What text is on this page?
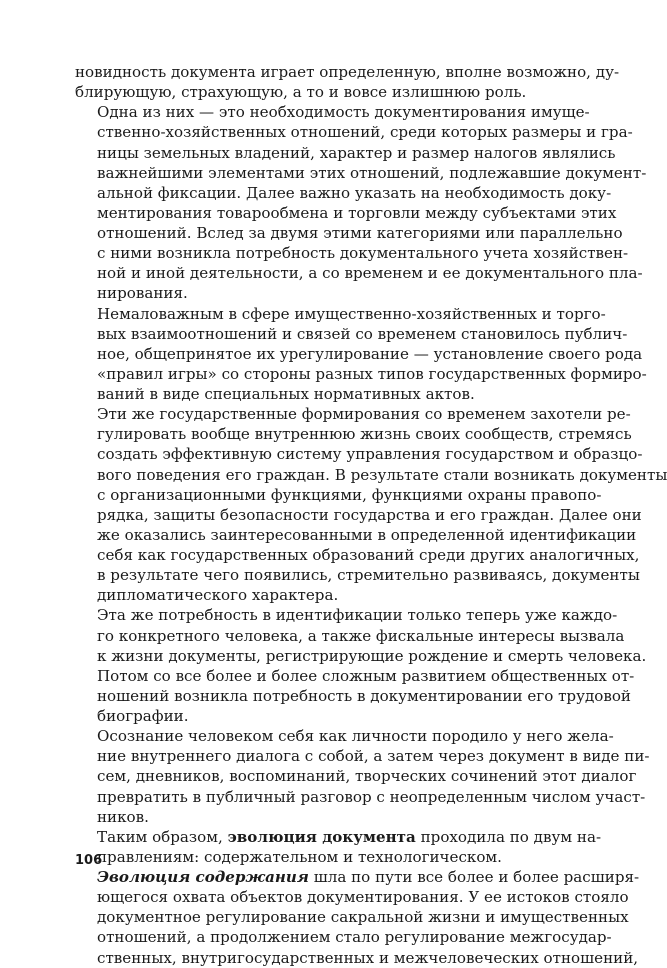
новидность документа играет определенную, вполне возможно, ду-
блирующую, страхующую, а то и вовсе излишнюю роль.

Одна из них — это необходимость документирования имуще-
ственно-хозяйственных отношений, среди которых размеры и гра-
ницы земельных владений, характер и размер налогов являлись
важнейшими элементами этих отношений, подлежавшие документ-
альной фиксации. Далее важно указать на необходимость доку-
ментирования товарообмена и торговли между субъектами этих
отношений. Вслед за двумя этими категориями или параллельно
с ними возникла потребность документального учета хозяйствен-
ной и иной деятельности, а со временем и ее документального пла-
нирования.

Немаловажным в сфере имущественно-хозяйственных и торго-
вых взаимоотношений и связей со временем становилось публич-
ное, общепринятое их урегулирование — установление своего рода
«правил игры» со стороны разных типов государственных формиро-
ваний в виде специальных нормативных актов.

Эти же государственные формирования со временем захотели ре-
гулировать вообще внутреннюю жизнь своих сообществ, стремясь
создать эффективную систему управления государством и образцо-
вого поведения его граждан. В результате стали возникать документы
с организационными функциями, функциями охраны правопо-
рядка, защиты безопасности государства и его граждан. Далее они
же оказались заинтересованными в определенной идентификации
себя как государственных образований среди других аналогичных,
в результате чего появились, стремительно развиваясь, документы
дипломатического характера.

Эта же потребность в идентификации только теперь уже каждо-
го конкретного человека, а также фискальные интересы вызвала
к жизни документы, регистрирующие рождение и смерть человека.
Потом со все более и более сложным развитием общественных от-
ношений возникла потребность в документировании его трудовой
биографии.

Осознание человеком себя как личности породило у него жела-
ние внутреннего диалога с собой, а затем через документ в виде пи-
сем, дневников, воспоминаний, творческих сочинений этот диалог
превратить в публичный разговор с неопределенным числом участ-
ников.

Таким образом, эволюция документа проходила по двум на-
правлениям: содержательном и технологическом.

Эволюция содержания шла по пути все более и более расширя-
ющегося охвата объектов документирования. У ее истоков стояло
документное регулирование сакральной жизни и имущественных
отношений, а продолжением стало регулирование межгосудар-
ственных, внутригосударственных и межчеловеческих отношений,

106
